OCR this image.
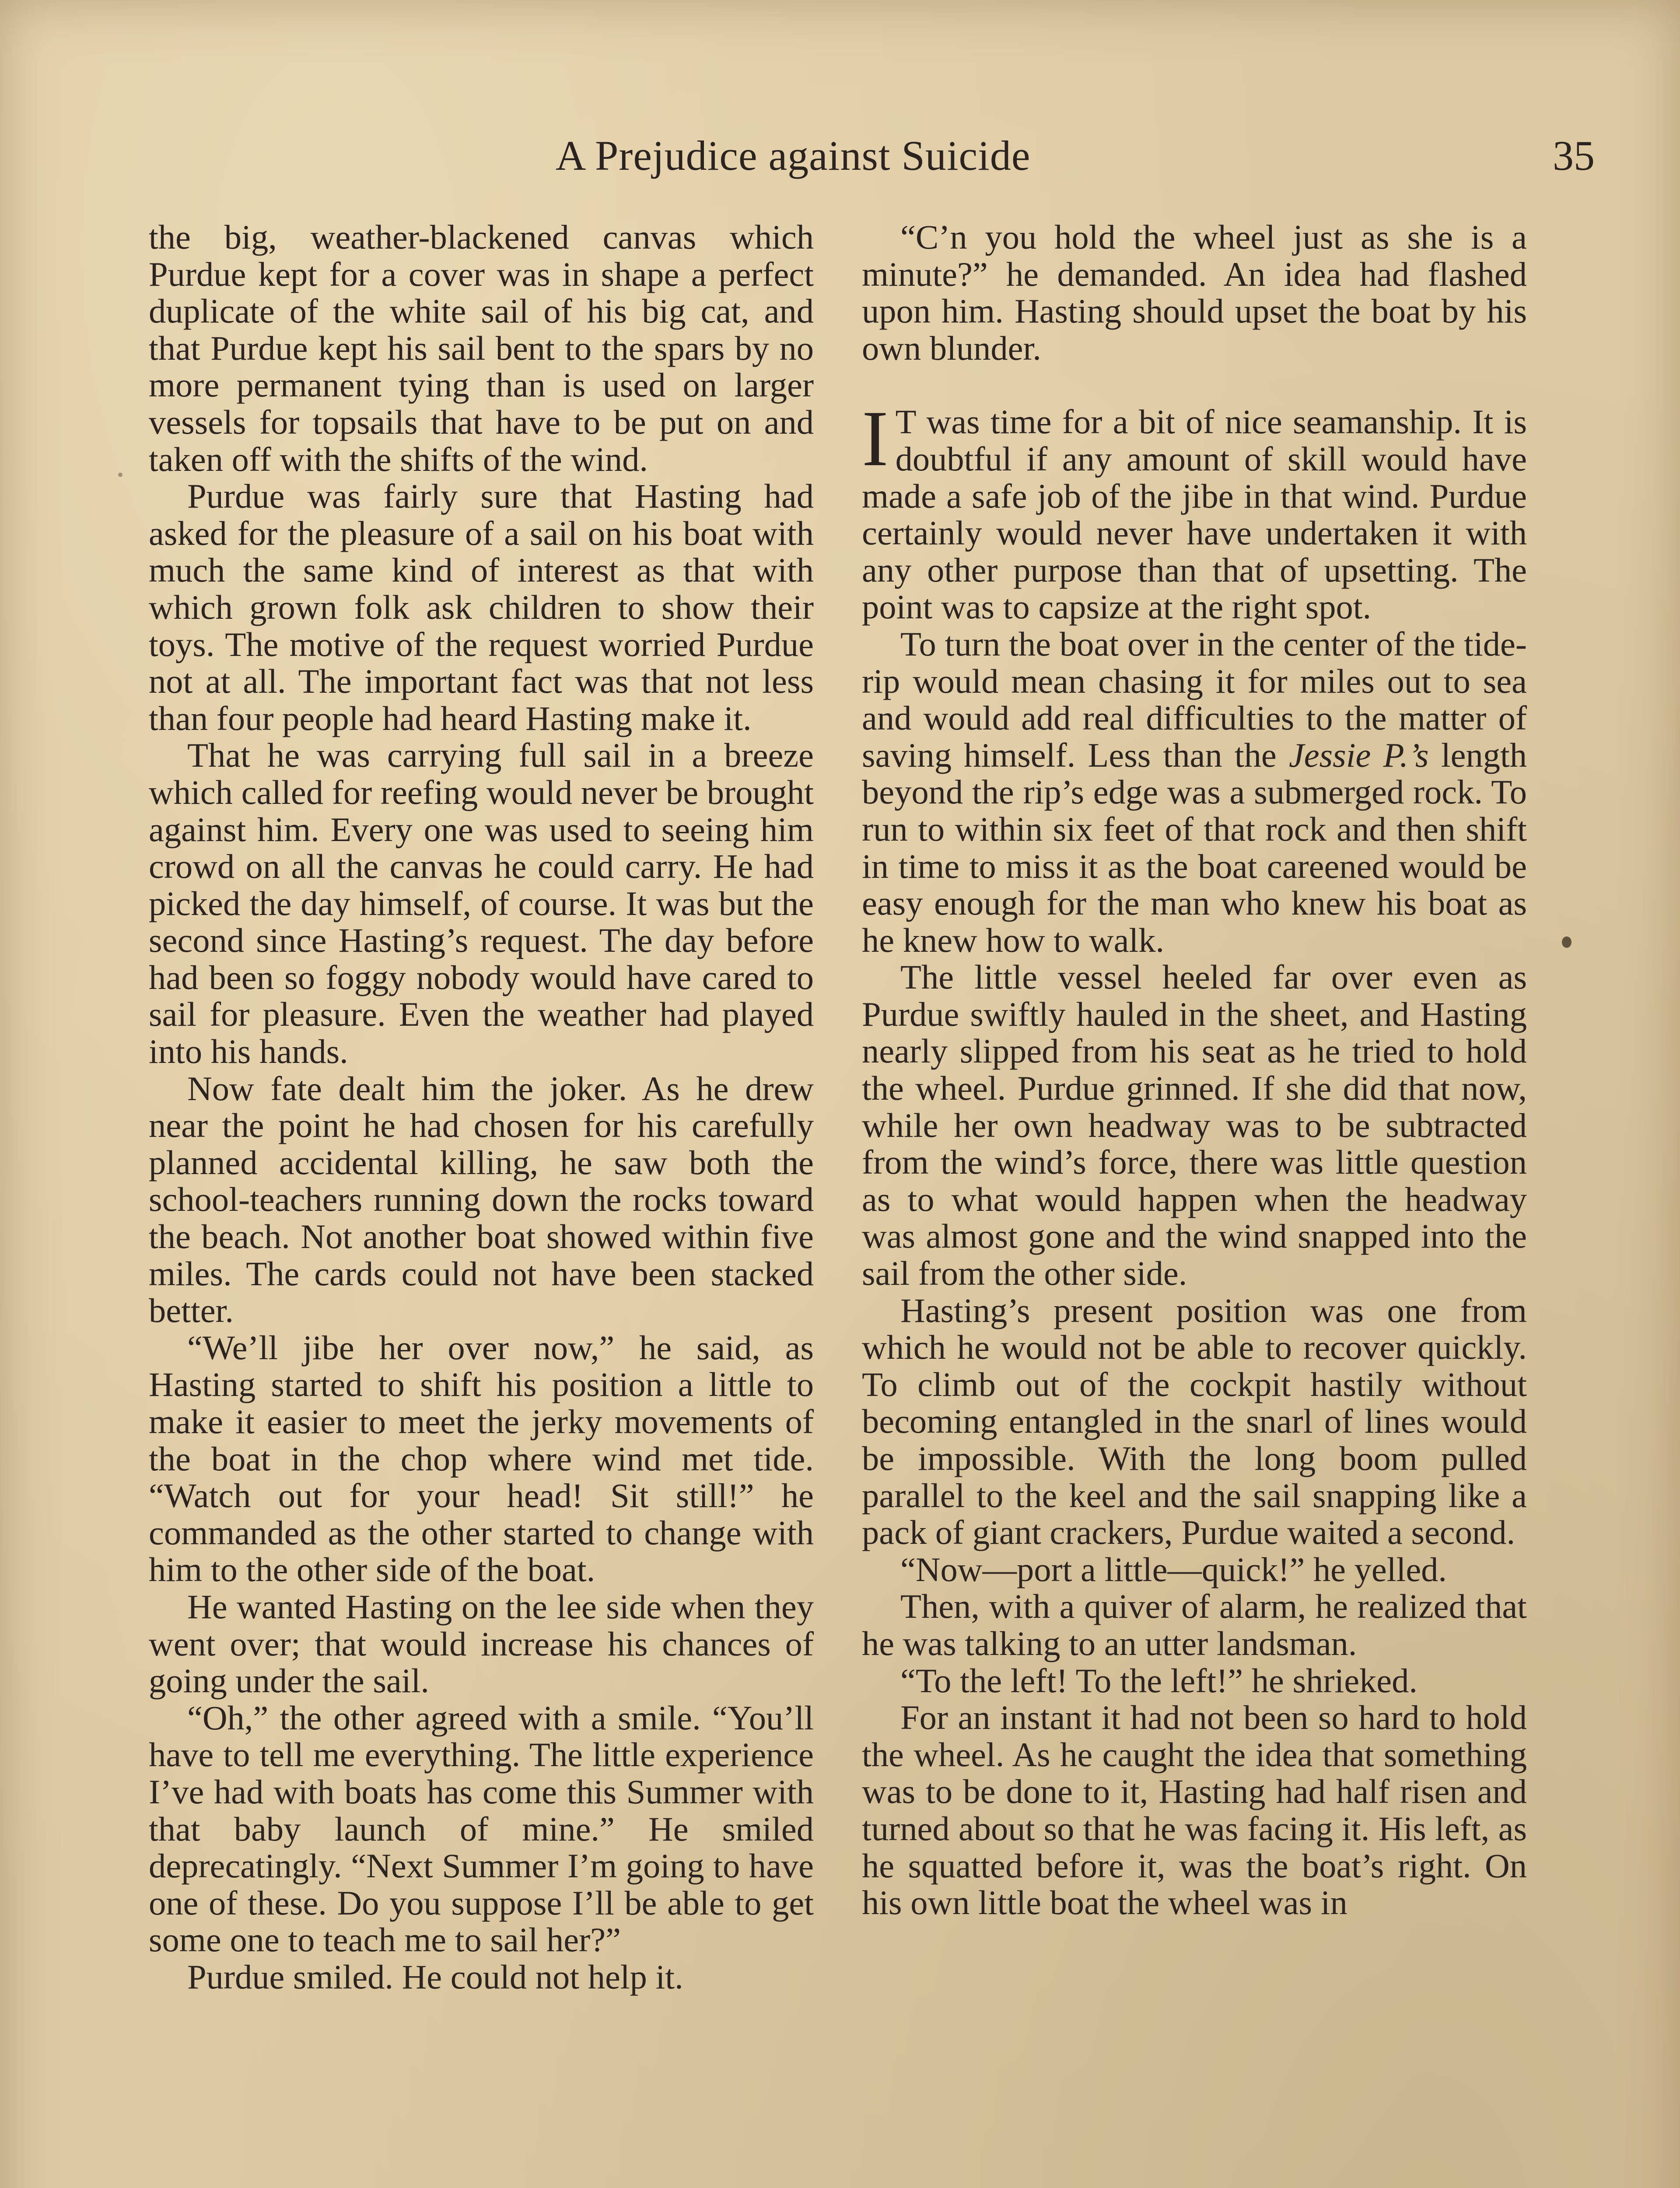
A Prejudice against Suicide	35

the big, weather-blackened canvas which Purdue kept for a cover was in shape a perfect duplicate of the white sail of his big cat, and that Purdue kept his sail bent to the spars by no more permanent tying than is used on larger vessels for topsails that have to be put on and taken off with the shifts of the wind.

Purdue was fairly sure that Hasting had asked for the pleasure of a sail on his boat with much the same kind of interest as that with which grown folk ask children to show their toys. The motive of the request worried Purdue not at all. The important fact was that not less than four people had heard Hasting make it.

That he was carrying full sail in a breeze which called for reefing would never be brought against him. Every one was used to seeing him crowd on all the canvas he could carry. He had picked the day himself, of course. It was but the second since Hasting’s request. The day before had been so foggy nobody would have cared to sail for pleasure. Even the weather had played into his hands.

Now fate dealt him the joker. As he drew near the point he had chosen for his carefully planned accidental killing, he saw both the school-teachers running down the rocks toward the beach. Not another boat showed within five miles. The cards could not have been stacked better.

“We’ll jibe her over now,” he said, as Hasting started to shift his position a little to make it easier to meet the jerky movements of the boat in the chop where wind met tide. “Watch out for your head! Sit still!” he commanded as the other started to change with him to the other side of the boat.

He wanted Hasting on the lee side when they went over; that would increase his chances of going under the sail.

“Oh,” the other agreed with a smile. “You’ll have to tell me everything. The little experience I’ve had with boats has come this Summer with that baby launch of mine.” He smiled deprecatingly. “Next Summer I’m going to have one of these. Do you suppose I’ll be able to get some one to teach me to sail her?”

Purdue smiled. He could not help it.

“C’n you hold the wheel just as she is a minute?” he demanded. An idea had flashed upon him. Hasting should upset the boat by his own blunder.

I T was time for a bit of nice seamanship. It is doubtful if any amount of skill would have made a safe job of the jibe in that wind. Purdue certainly would never have undertaken it with any other purpose than that of upsetting. The point was to capsize at the right spot.

To turn the boat over in the center of the tide-rip would mean chasing it for miles out to sea and would add real difficulties to the matter of saving himself. Less than the Jessie P.’s length beyond the rip’s edge was a submerged rock. To run to within six feet of that rock and then shift in time to miss it as the boat careened would be easy enough for the man who knew his boat as he knew how to walk.

The little vessel heeled far over even as Purdue swiftly hauled in the sheet, and Hasting nearly slipped from his seat as he tried to hold the wheel. Purdue grinned. If she did that now, while her own headway was to be subtracted from the wind’s force, there was little question as to what would happen when the headway was almost gone and the wind snapped into the sail from the other side.

Hasting’s present position was one from which he would not be able to recover quickly. To climb out of the cockpit hastily without becoming entangled in the snarl of lines would be impossible. With the long boom pulled parallel to the keel and the sail snapping like a pack of giant crackers, Purdue waited a second.

“Now—port a little—quick!” he yelled.

Then, with a quiver of alarm, he realized that he was talking to an utter landsman.

“To the left! To the left!” he shrieked.

For an instant it had not been so hard to hold the wheel. As he caught the idea that something was to be done to it, Hasting had half risen and turned about so that he was facing it. His left, as he squatted before it, was the boat’s right. On his own little boat the wheel was in
